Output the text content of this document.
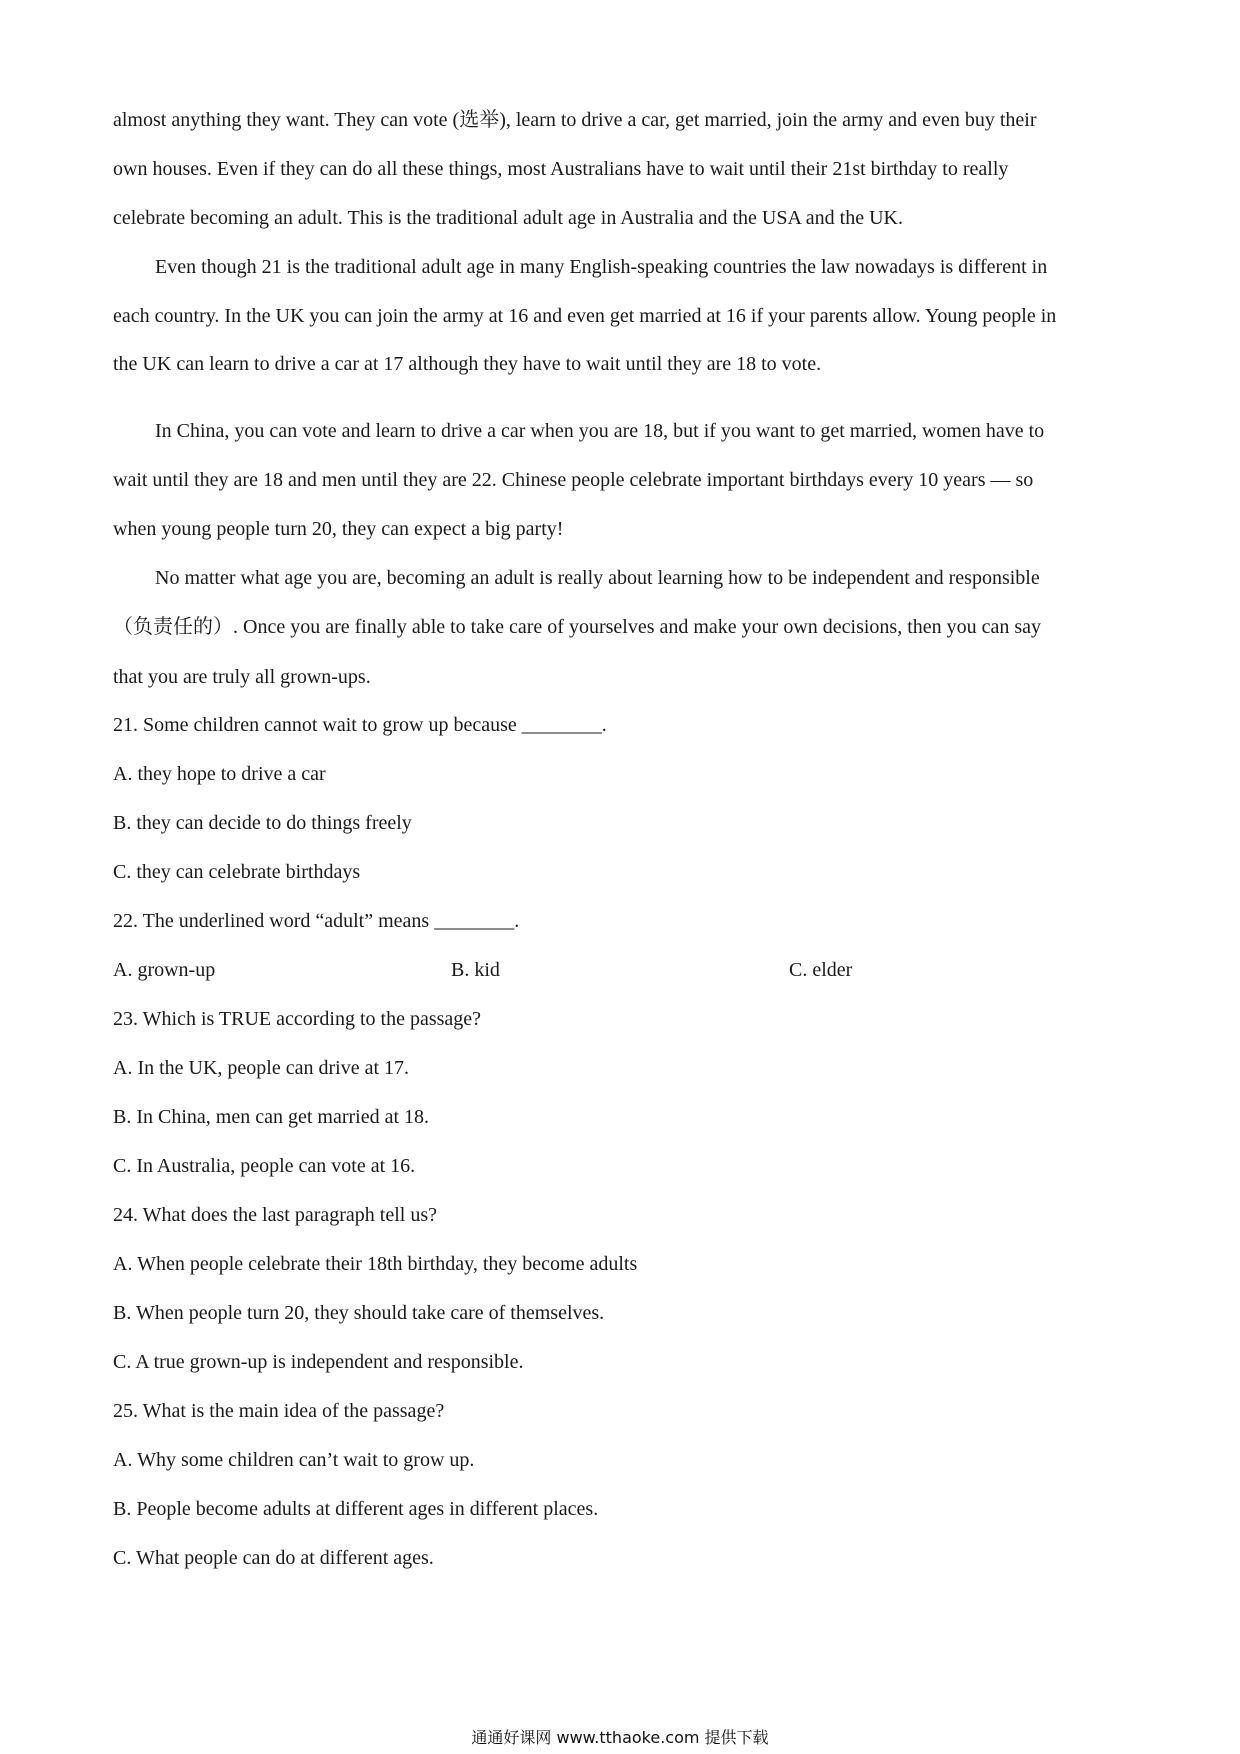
almost anything they want. They can vote (选举), learn to drive a car, get married, join the army and even buy their
own houses. Even if they can do all these things, most Australians have to wait until their 21st birthday to really
celebrate becoming an adult. This is the traditional adult age in Australia and the USA and the UK.
Even though 21 is the traditional adult age in many English-speaking countries the law nowadays is different in
each country. In the UK you can join the army at 16 and even get married at 16 if your parents allow. Young people in
the UK can learn to drive a car at 17 although they have to wait until they are 18 to vote.
In China, you can vote and learn to drive a car when you are 18, but if you want to get married, women have to
wait until they are 18 and men until they are 22. Chinese people celebrate important birthdays every 10 years — so
when young people turn 20, they can expect a big party!
No matter what age you are, becoming an adult is really about learning how to be independent and responsible
（负责任的）. Once you are finally able to take care of yourselves and make your own decisions, then you can say
that you are truly all grown-ups.
21. Some children cannot wait to grow up because ________.
A. they hope to drive a car
B. they can decide to do things freely
C. they can celebrate birthdays
22. The underlined word “adult” means ________.
A. grown-up	B. kid	C. elder
23. Which is TRUE according to the passage?
A. In the UK, people can drive at 17.
B. In China, men can get married at 18.
C. In Australia, people can vote at 16.
24. What does the last paragraph tell us?
A. When people celebrate their 18th birthday, they become adults
B. When people turn 20, they should take care of themselves.
C. A true grown-up is independent and responsible.
25. What is the main idea of the passage?
A. Why some children can’t wait to grow up.
B. People become adults at different ages in different places.
C. What people can do at different ages.
通通好课网 www.tthaoke.com 提供下载
